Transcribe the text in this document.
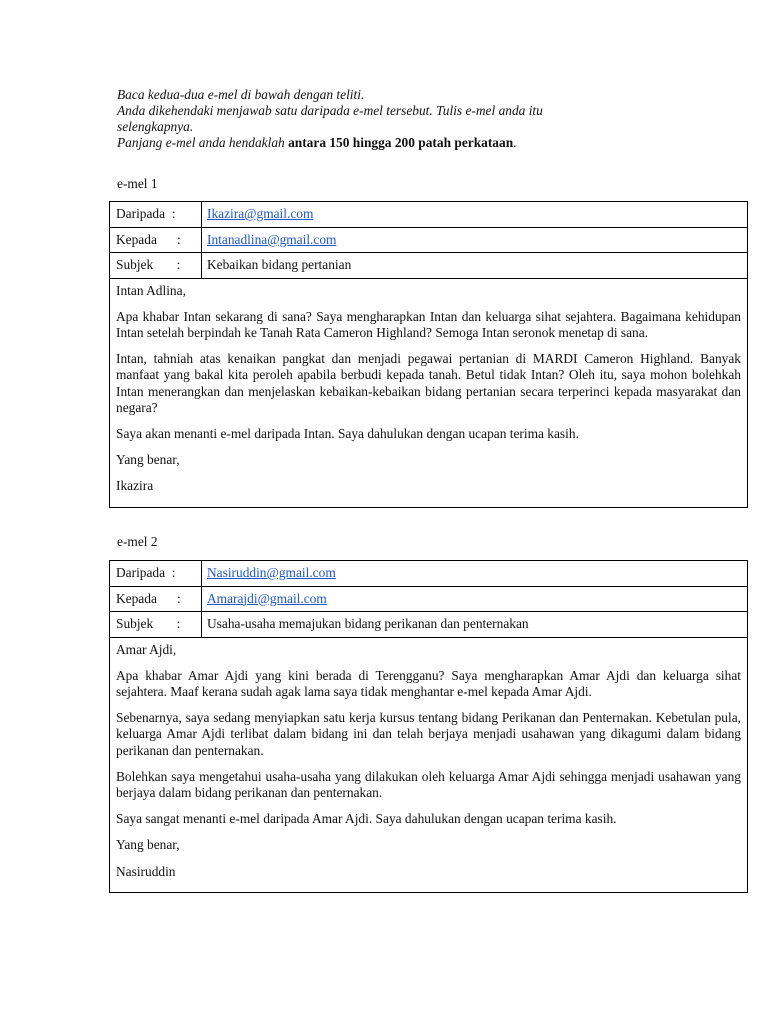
Baca kedua-dua e-mel di bawah dengan teliti.
Anda dikehendaki menjawab satu daripada e-mel tersebut. Tulis e-mel anda itu
selengkapnya.
Panjang e-mel anda hendaklah antara 150 hingga 200 patah perkataan.
e-mel 1
Daripada  :	Ikazira@gmail.com
Kepada      :	Intanadlina@gmail.com
Subjek       :	Kebaikan bidang pertanian

Intan Adlina,

Apa khabar Intan sekarang di sana? Saya mengharapkan Intan dan keluarga sihat sejahtera. Bagaimana kehidupan Intan setelah berpindah ke Tanah Rata Cameron Highland? Semoga Intan seronok menetap di sana.

Intan, tahniah atas kenaikan pangkat dan menjadi pegawai pertanian di MARDI Cameron Highland. Banyak manfaat yang bakal kita peroleh apabila berbudi kepada tanah. Betul tidak Intan? Oleh itu, saya mohon bolehkah Intan menerangkan dan menjelaskan kebaikan-kebaikan bidang pertanian secara terperinci kepada masyarakat dan negara?

Saya akan menanti e-mel daripada Intan. Saya dahulukan dengan ucapan terima kasih.

Yang benar,

Ikazira

e-mel 2
Daripada  :	Nasiruddin@gmail.com
Kepada      :	Amarajdi@gmail.com
Subjek       :	Usaha-usaha memajukan bidang perikanan dan penternakan

Amar Ajdi,

Apa khabar Amar Ajdi yang kini berada di Terengganu? Saya mengharapkan Amar Ajdi dan keluarga sihat sejahtera. Maaf kerana sudah agak lama saya tidak menghantar e-mel kepada Amar Ajdi.

Sebenarnya, saya sedang menyiapkan satu kerja kursus tentang bidang Perikanan dan Penternakan. Kebetulan pula, keluarga Amar Ajdi terlibat dalam bidang ini dan telah berjaya menjadi usahawan yang dikagumi dalam bidang perikanan dan penternakan.

Bolehkan saya mengetahui usaha-usaha yang dilakukan oleh keluarga Amar Ajdi sehingga menjadi usahawan yang berjaya dalam bidang perikanan dan penternakan.

Saya sangat menanti e-mel daripada Amar Ajdi. Saya dahulukan dengan ucapan terima kasih.

Yang benar,

Nasiruddin
